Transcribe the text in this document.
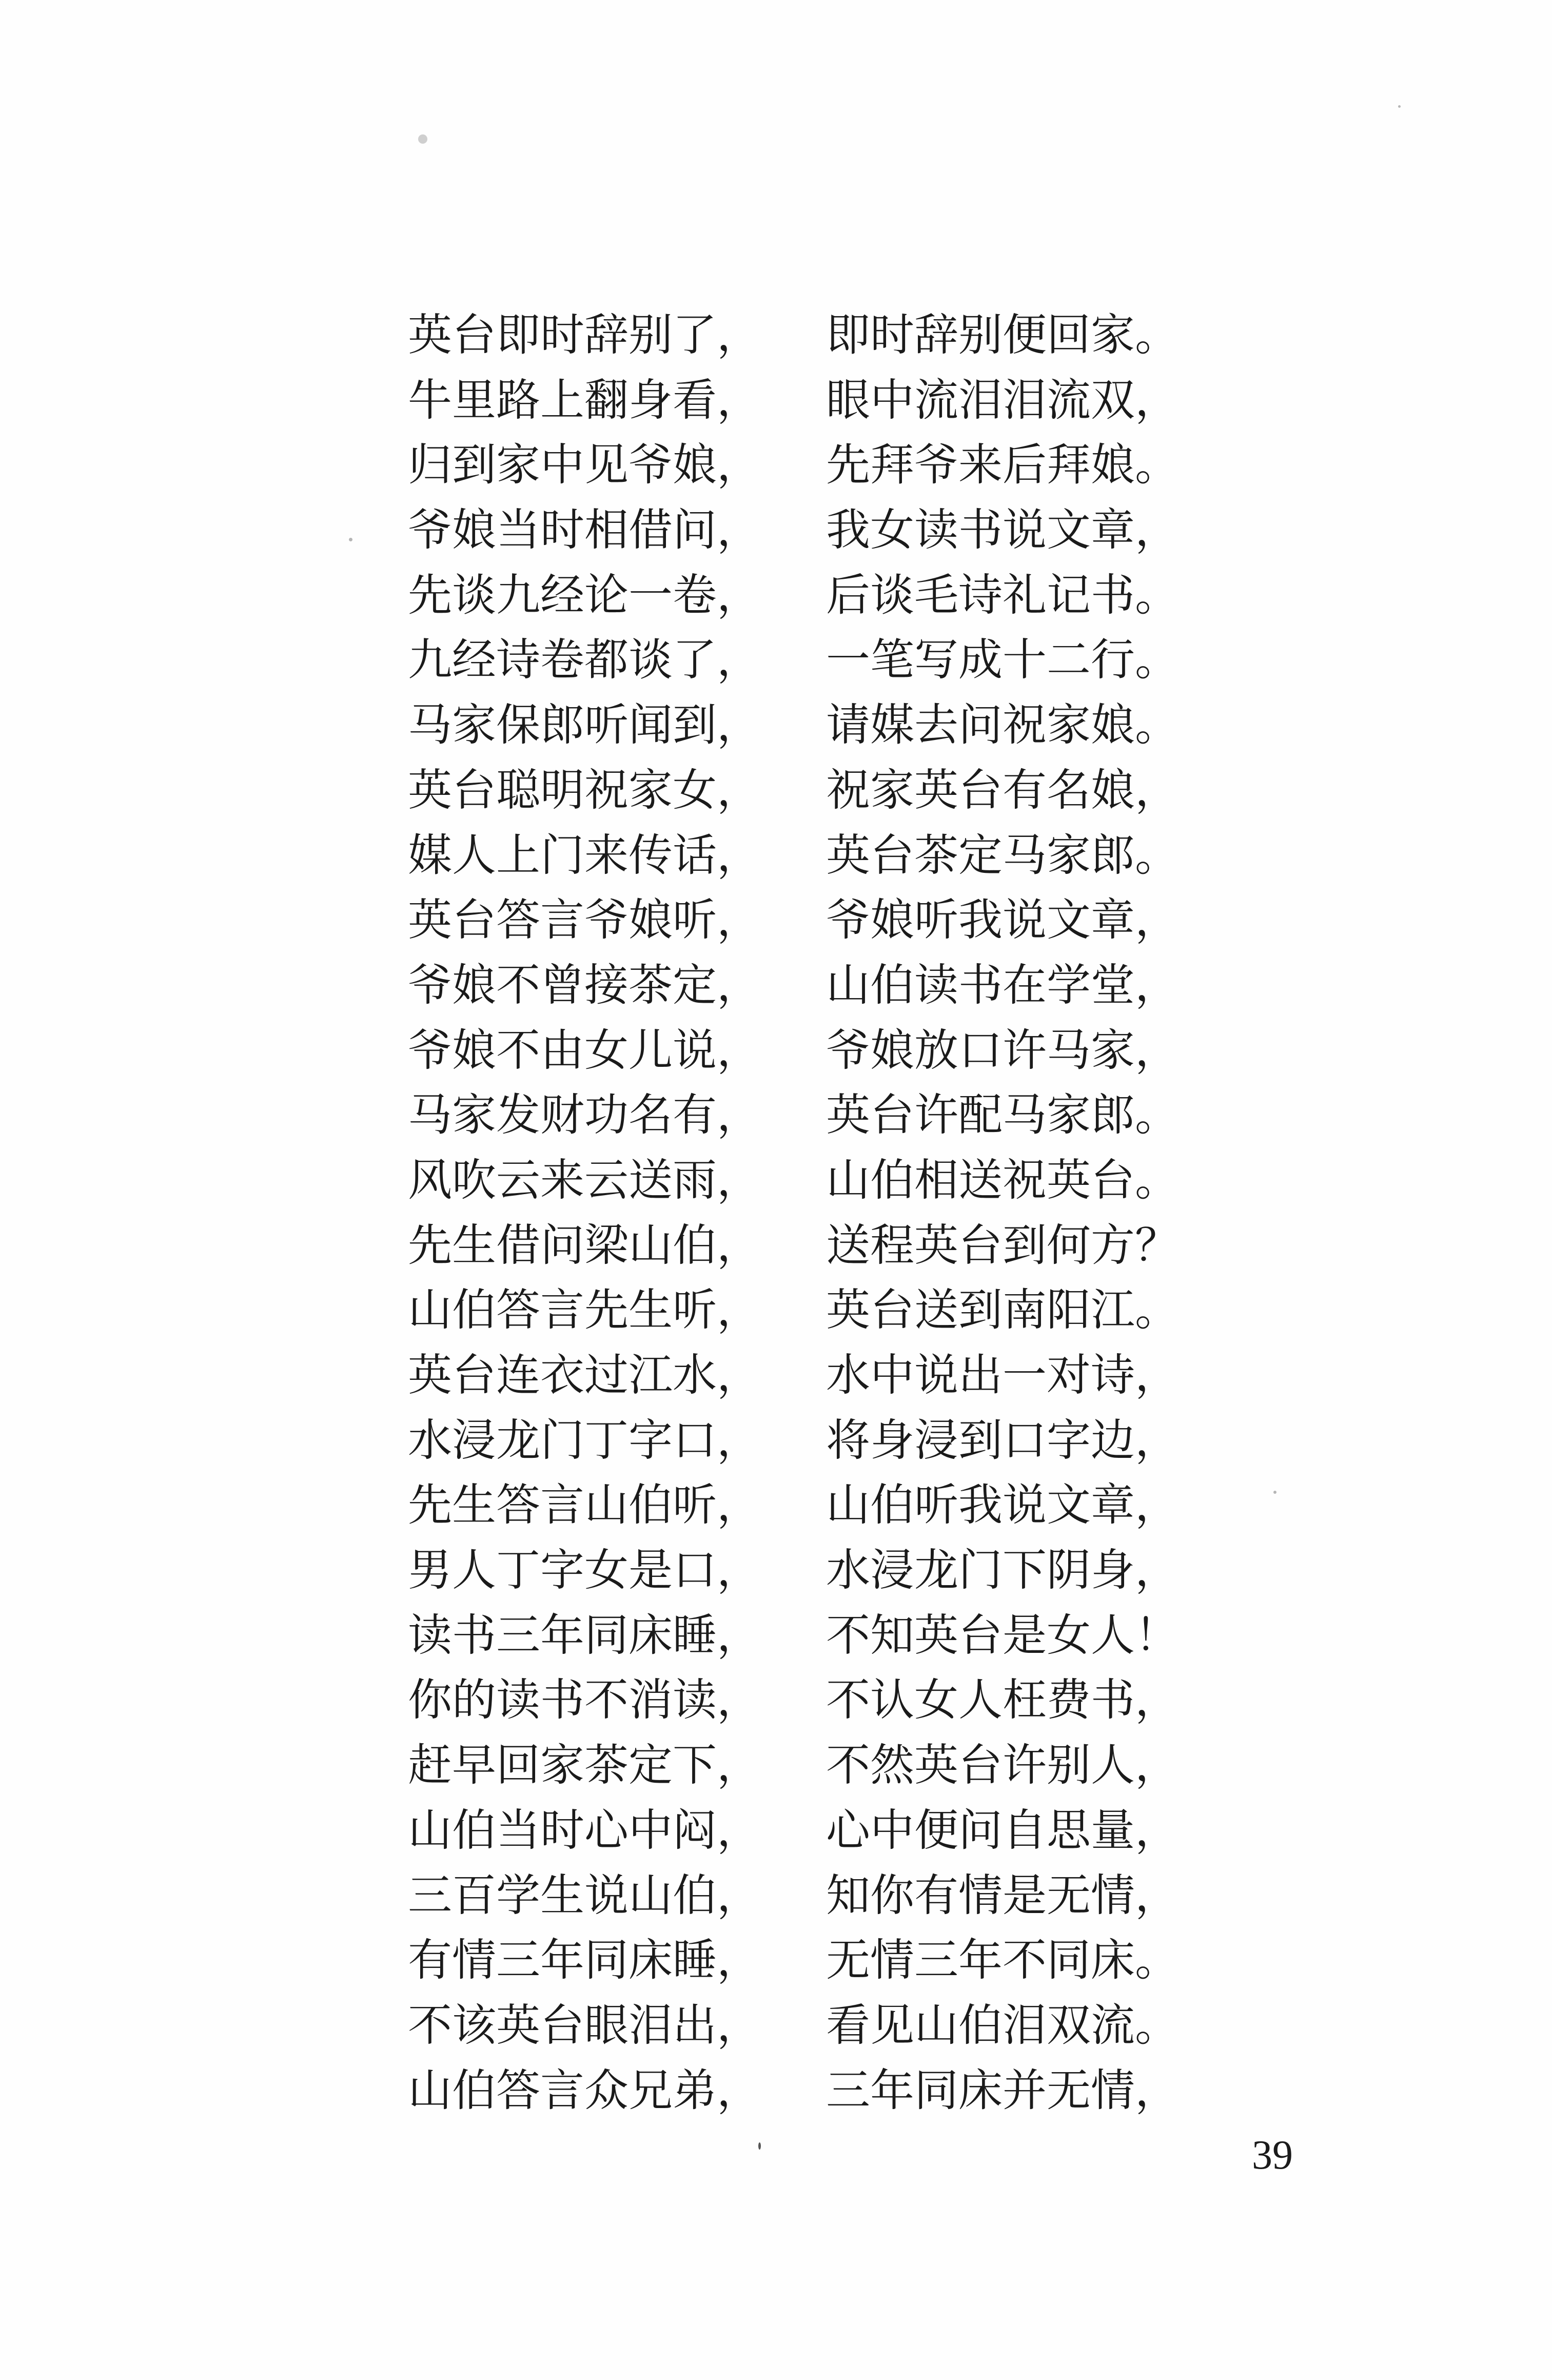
英台即时辞别了， 即时辞别便回家。
牛里路上翻身看， 眼中流泪泪流双，
归到家中见爷娘， 先拜爷来后拜娘。
爷娘当时相借问， 我女读书说文章，
先谈九经论一卷， 后谈毛诗礼记书。
九经诗卷都谈了， 一笔写成十二行。
马家保郎听闻到， 请媒去问祝家娘。
英台聪明祝家女， 祝家英台有名娘，
媒人上门来传话， 英台茶定马家郎。
英台答言爷娘听， 爷娘听我说文章，
爷娘不曾接茶定， 山伯读书在学堂，
爷娘不由女儿说， 爷娘放口许马家，
马家发财功名有， 英台许配马家郎。
风吹云来云送雨， 山伯相送祝英台。
先生借问梁山伯， 送程英台到何方？
山伯答言先生听， 英台送到南阳江。
英台连衣过江水， 水中说出一对诗，
水浸龙门丁字口， 将身浸到口字边，
先生答言山伯听， 山伯听我说文章，
男人丁字女是口， 水浸龙门下阴身，
读书三年同床睡， 不知英台是女人！
你的读书不消读， 不认女人枉费书，
赶早回家茶定下， 不然英台许别人，
山伯当时心中闷， 心中便问自思量，
三百学生说山伯， 知你有情是无情，
有情三年同床睡， 无情三年不同床。
不该英台眼泪出， 看见山伯泪双流。
山伯答言众兄弟， 三年同床并无情，
39
